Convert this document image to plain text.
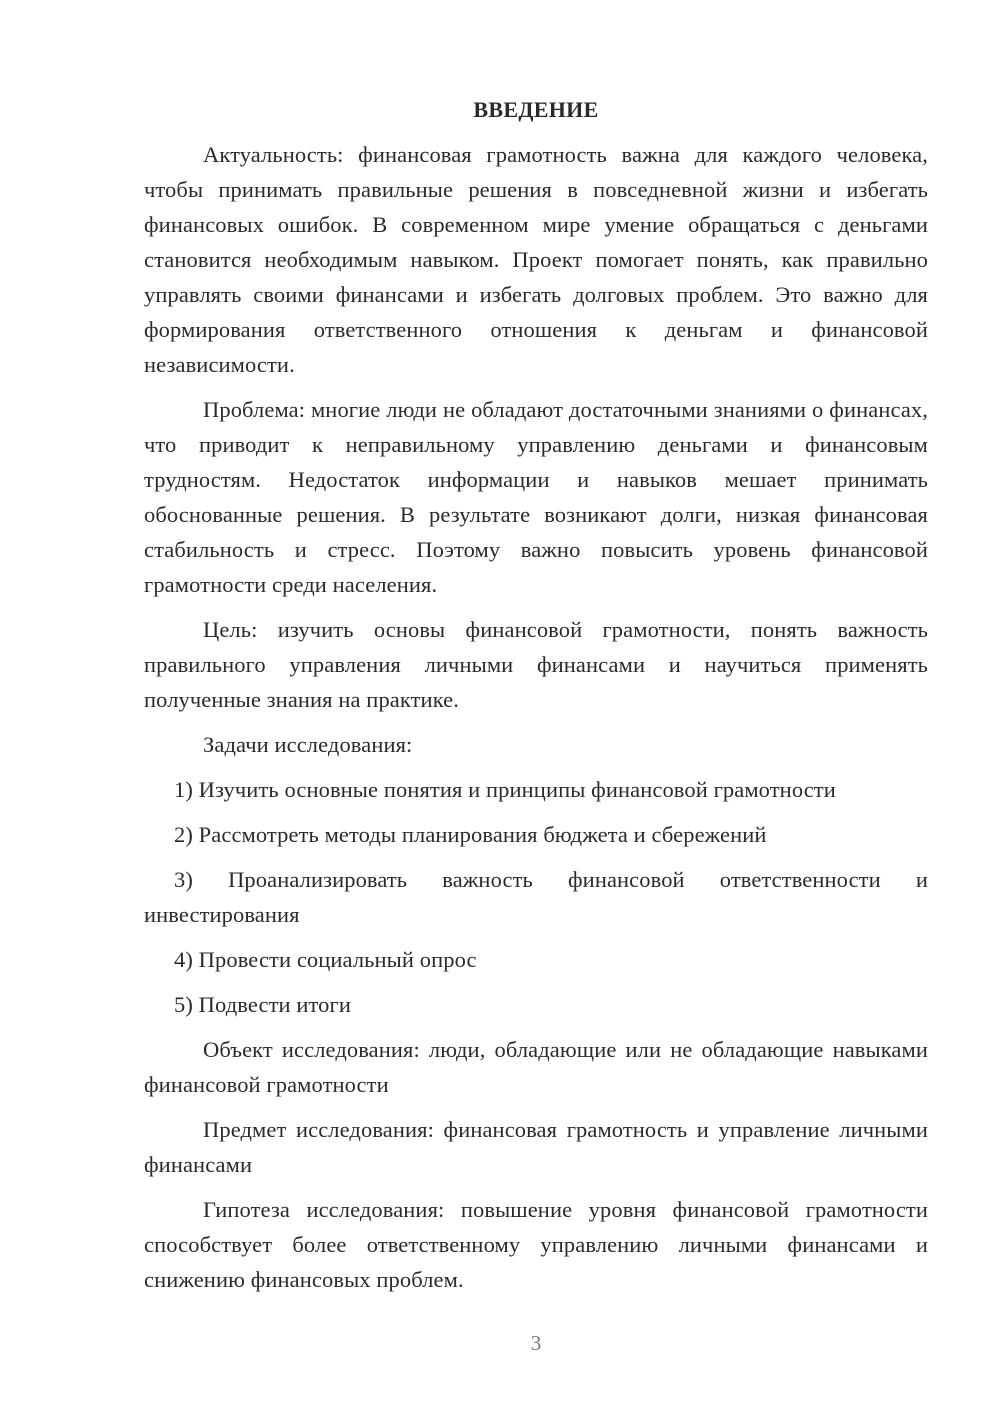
ВВЕДЕНИЕ

Актуальность: финансовая грамотность важна для каждого человека, чтобы принимать правильные решения в повседневной жизни и избегать финансовых ошибок. В современном мире умение обращаться с деньгами становится необходимым навыком. Проект помогает понять, как правильно управлять своими финансами и избегать долговых проблем. Это важно для формирования ответственного отношения к деньгам и финансовой независимости.

Проблема: многие люди не обладают достаточными знаниями о финансах, что приводит к неправильному управлению деньгами и финансовым трудностям. Недостаток информации и навыков мешает принимать обоснованные решения. В результате возникают долги, низкая финансовая стабильность и стресс. Поэтому важно повысить уровень финансовой грамотности среди населения.

Цель: изучить основы финансовой грамотности, понять важность правильного управления личными финансами и научиться применять полученные знания на практике.

Задачи исследования:

1) Изучить основные понятия и принципы финансовой грамотности

2) Рассмотреть методы планирования бюджета и сбережений

3) Проанализировать важность финансовой ответственности и инвестирования

4) Провести социальный опрос

5) Подвести итоги

Объект исследования: люди, обладающие или не обладающие навыками финансовой грамотности

Предмет исследования: финансовая грамотность и управление личными финансами

Гипотеза исследования: повышение уровня финансовой грамотности способствует более ответственному управлению личными финансами и снижению финансовых проблем.

3
